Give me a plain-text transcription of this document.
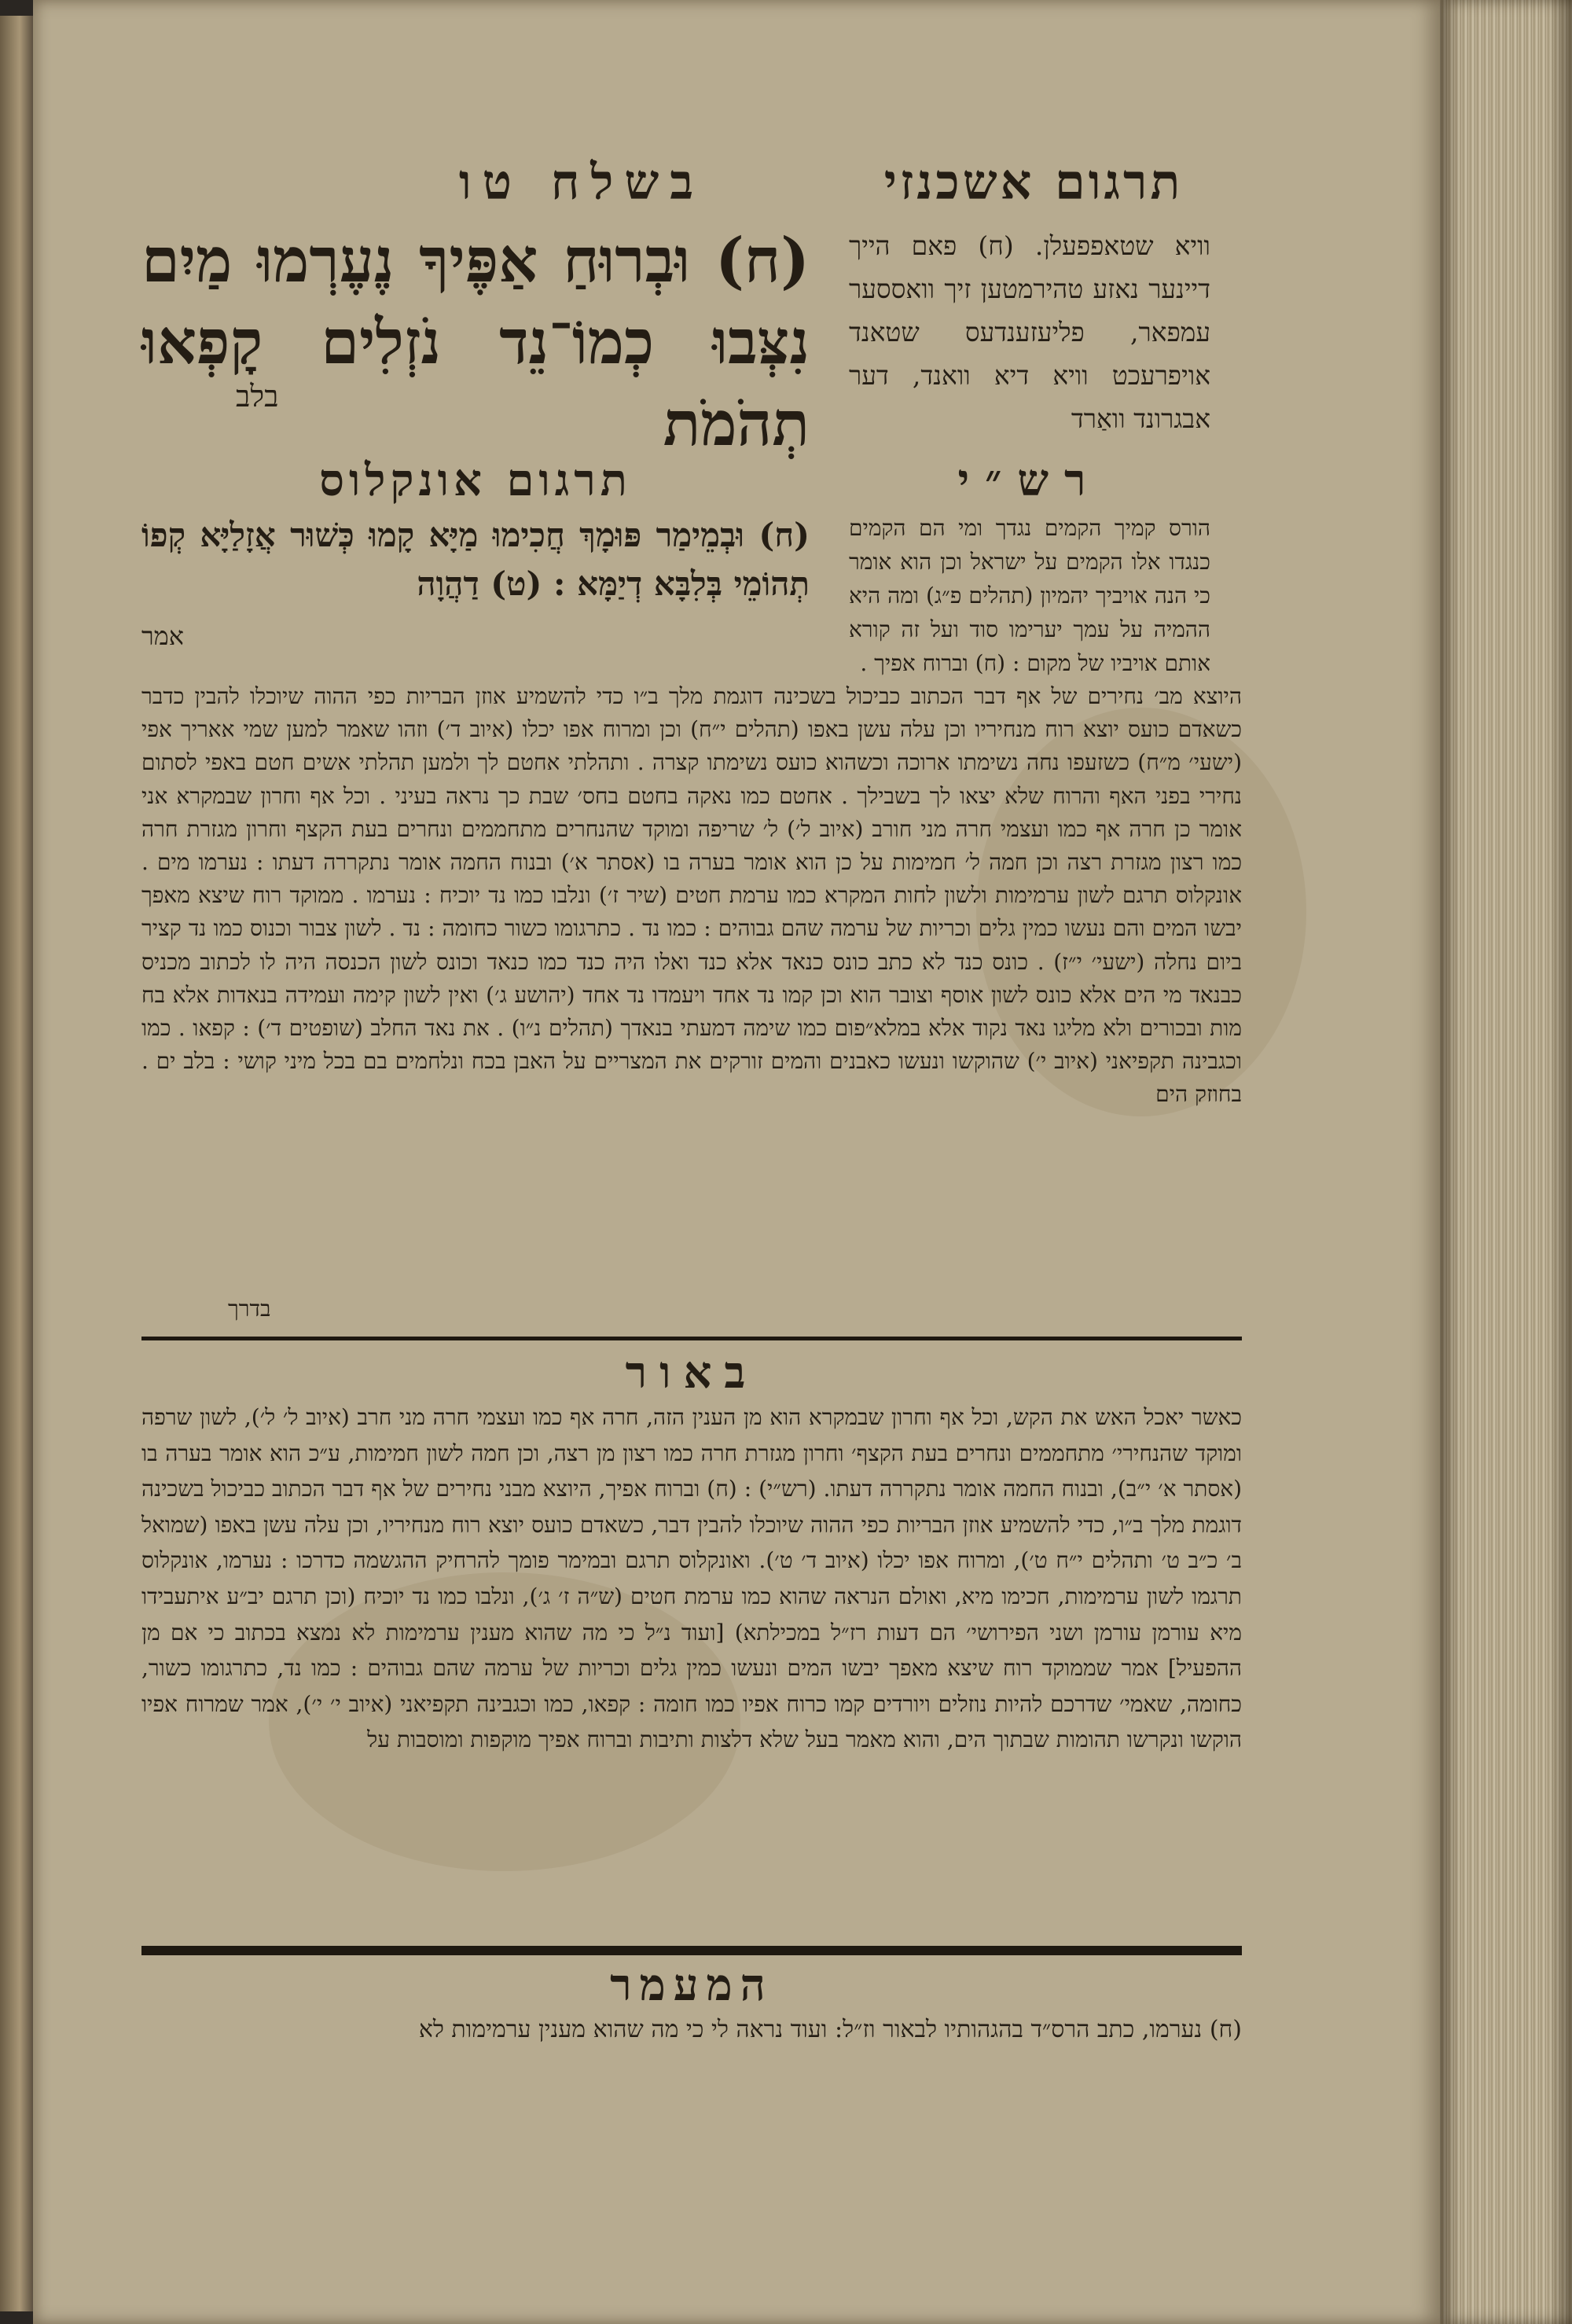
בשלח טו	תרגום אשכנזי
(ח) וּבְרוּחַ אַפֶּיךָ נֶעֶרְמוּ מַיִם נִצְּבוּ כְמוֹ־נֵד נֹזְלִים קָפְאוּ תְהֹמֹת
בלב
וויא שטאפפעלן. (ח) פאם הייך דיינער נאזע טהירמטען זיך וואססער עמפאר, פליעזענדעס שטאנד אויפרעכט וויא דיא וואנד, דער אבגרונד וואַרד
תרגום אונקלוס	רש״י
(ח) וּבְמֵימַר פּוּמָךְ חֲכִימוּ מַיָּא קָמוּ כְּשׁוּר אֲזָלַיָּא קְפוֹ תְהוֹמֵי בְּלִבָּא דְיַמָּא : (ט) דַהֲוָה
אמר
הורס קמיך הקמים נגדך ומי הם הקמים כנגדו אלו הקמים על ישראל וכן הוא אומר כי הנה אויביך יהמיון (תהלים פ״ג) ומה היא ההמיה על עמך יערימו סוד ועל זה קורא אותם אויביו של מקום : (ח) וברוח אפיך .
היוצא מב׳ נחירים של אף דבר הכתוב כביכול בשכינה דוגמת מלך ב״ו כדי להשמיע אוזן הבריות כפי ההוה שיוכלו להבין כדבר כשאדם כועס יוצא רוח מנחיריו וכן עלה עשן באפו (תהלים י״ח) וכן ומרוח אפו יכלו (איוב ד׳) וזהו שאמר למען שמי אאריך אפי (ישעי׳ מ״ח) כשזעפו נחה נשימתו ארוכה וכשהוא כועס נשימתו קצרה . ותהלתי אחטם לך ולמען תהלתי אשים חטם באפי לסתום נחירי בפני האף והרוח שלא יצאו לך בשבילך . אחטם כמו נאקה בחטם בחס׳ שבת כך נראה בעיני . וכל אף וחרון שבמקרא אני אומר כן חרה אף כמו ועצמי חרה מני חורב (איוב ל׳) ל׳ שריפה ומוקד שהנחרים מתחממים ונחרים בעת הקצף וחרון מגזרת חרה כמו רצון מגזרת רצה וכן חמה ל׳ חמימות על כן הוא אומר בערה בו (אסתר א׳) ובנוח החמה אומר נתקררה דעתו : נערמו מים . אונקלוס תרגם לשון ערמימות ולשון לחות המקרא כמו ערמת חטים (שיר ז׳) ונלבו כמו נד יוכיח : נערמו . ממוקד רוח שיצא מאפך יבשו המים והם נעשו כמין גלים וכריות של ערמה שהם גבוהים : כמו נד . כתרגומו כשור כחומה : נד . לשון צבור וכנוס כמו נד קציר ביום נחלה (ישעי׳ י״ז) . כונס כנד לא כתב כונס כנאד אלא כנד ואלו היה כנד כמו כנאד וכונס לשון הכנסה היה לו לכתוב מכניס כבנאד מי הים אלא כונס לשון אוסף וצובר הוא וכן קמו נד אחד ויעמדו נד אחד (יהושע ג׳) ואין לשון קימה ועמידה בנאדות אלא בח מות ובכורים ולא מליגו נאד נקוד אלא במלא״פום כמו שימה דמעתי בנאדך (תהלים נ״ו) . את נאד החלב (שופטים ד׳) : קפאו . כמו וכגבינה תקפיאני (איוב י׳) שהוקשו ונעשו כאבנים והמים זורקים את המצריים על האבן בכח ונלחמים בם בכל מיני קושי : בלב ים . בחוזק הים
בדרך
באור
כאשר יאכל האש את הקש, וכל אף וחרון שבמקרא הוא מן הענין הזה, חרה אף כמו ועצמי חרה מני חרב (איוב ל׳ ל׳), לשון שרפה ומוקד שהנחירי׳ מתחממים ונחרים בעת הקצף׳ וחרון מגזרת חרה כמו רצון מן רצה, וכן חמה לשון חמימות, ע״כ הוא אומר בערה בו (אסתר א׳ י״ב), ובנוח החמה אומר נתקררה דעתו. (רש״י) : (ח) וברוח אפיך, היוצא מבני נחירים של אף דבר הכתוב כביכול בשכינה דוגמת מלך ב״ו, כדי להשמיע אוזן הבריות כפי ההוה שיוכלו להבין דבר, כשאדם כועס יוצא רוח מנחיריו, וכן עלה עשן באפו (שמואל ב׳ כ״ב ט׳ ותהלים י״ח ט׳), ומרוח אפו יכלו (איוב ד׳ ט׳). ואונקלוס תרגם ובמימר פומך להרחיק ההגשמה כדרכו : נערמו, אונקלוס תרגמו לשון ערמימות, חכימו מיא, ואולם הנראה שהוא כמו ערמת חטים (ש״ה ז׳ ג׳), ונלבו כמו נד יוכיח (וכן תרגם יב״ע איתעבידו מיא עורמן עורמן ושני הפירושי׳ הם דעות רז״ל במכילתא) [ועוד נ״ל כי מה שהוא מענין ערמימות לא נמצא בכתוב כי אם מן ההפעיל] אמר שממוקד רוח שיצא מאפך יבשו המים ונעשו כמין גלים וכריות של ערמה שהם גבוהים : כמו נד, כתרגומו כשור, כחומה, שאמי׳ שדרכם להיות נוזלים ויורדים קמו כרוח אפיו כמו חומה : קפאו, כמו וכגבינה תקפיאני (איוב י׳ י׳), אמר שמרוח אפיו הוקשו ונקרשו תהומות שבתוך הים, והוא מאמר בעל שלא דלצות ותיבות וברוח אפיך מוקפות ומוסבות על
המעמר
(ח) נערמו, כתב הרס״ד בהגהותיו לבאור וז״ל: ועוד נראה לי כי מה שהוא מענין ערמימות לא
